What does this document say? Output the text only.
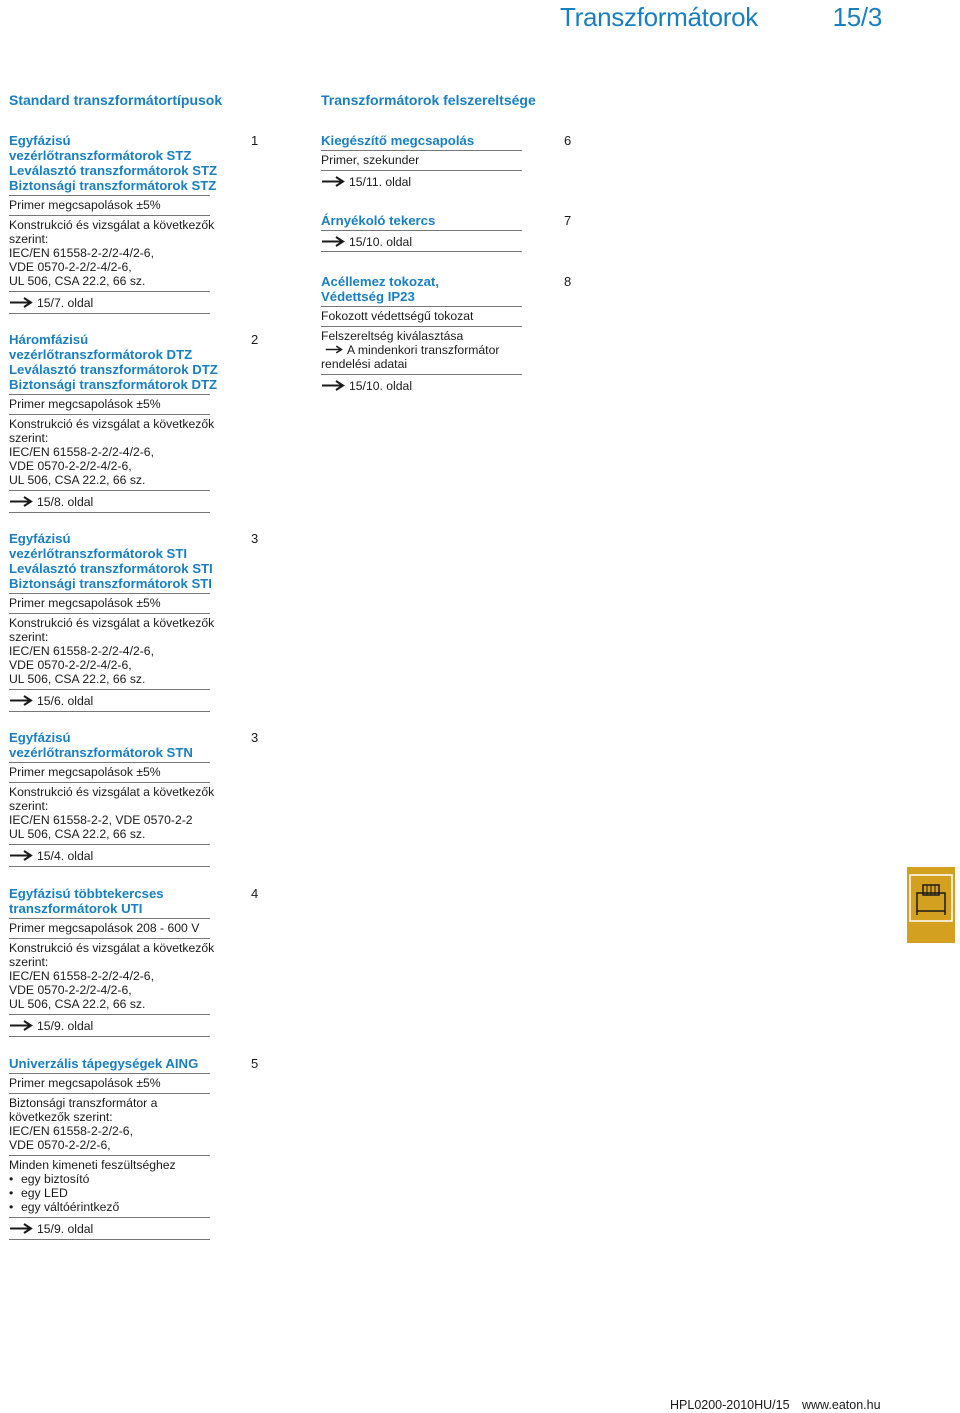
Transzformátorok	15/3
Standard transzformátortípusok	Transzformátorok felszereltsége
1
Egyfázisú
vezérlőtranszformátorok STZ
Leválasztó transzformátorok STZ
Biztonsági transzformátorok STZ
Primer megcsapolások ±5%
Konstrukció és vizsgálat a következők
szerint:
IEC/EN 61558-2-2/2-4/2-6,
VDE 0570-2-2/2-4/2-6,
UL 506, CSA 22.2, 66 sz.
15/7. oldal
2
Háromfázisú
vezérlőtranszformátorok DTZ
Leválasztó transzformátorok DTZ
Biztonsági transzformátorok DTZ
Primer megcsapolások ±5%
Konstrukció és vizsgálat a következők
szerint:
IEC/EN 61558-2-2/2-4/2-6,
VDE 0570-2-2/2-4/2-6,
UL 506, CSA 22.2, 66 sz.
15/8. oldal
3
Egyfázisú
vezérlőtranszformátorok STI
Leválasztó transzformátorok STI
Biztonsági transzformátorok STI
Primer megcsapolások ±5%
Konstrukció és vizsgálat a következők
szerint:
IEC/EN 61558-2-2/2-4/2-6,
VDE 0570-2-2/2-4/2-6,
UL 506, CSA 22.2, 66 sz.
15/6. oldal
3
Egyfázisú
vezérlőtranszformátorok STN
Primer megcsapolások ±5%
Konstrukció és vizsgálat a következők
szerint:
IEC/EN 61558-2-2, VDE 0570-2-2
UL 506, CSA 22.2, 66 sz.
15/4. oldal
4
Egyfázisú többtekercses
transzformátorok UTI
Primer megcsapolások 208 - 600 V
Konstrukció és vizsgálat a következők
szerint:
IEC/EN 61558-2-2/2-4/2-6,
VDE 0570-2-2/2-4/2-6,
UL 506, CSA 22.2, 66 sz.
15/9. oldal
5
Univerzális tápegységek AING
Primer megcsapolások ±5%
Biztonsági transzformátor a
következők szerint:
IEC/EN 61558-2-2/2-6,
VDE 0570-2-2/2-6,
Minden kimeneti feszültséghez
• egy biztosító
• egy LED
• egy váltóérintkező
15/9. oldal
6
Kiegészítő megcsapolás
Primer, szekunder
15/11. oldal
7
Árnyékoló tekercs
15/10. oldal
8
Acéllemez tokozat,
Védettség IP23
Fokozott védettségű tokozat
Felszereltség kiválasztása
A mindenkori transzformátor
rendelési adatai
15/10. oldal
HPL0200-2010HU/15 www.eaton.hu
